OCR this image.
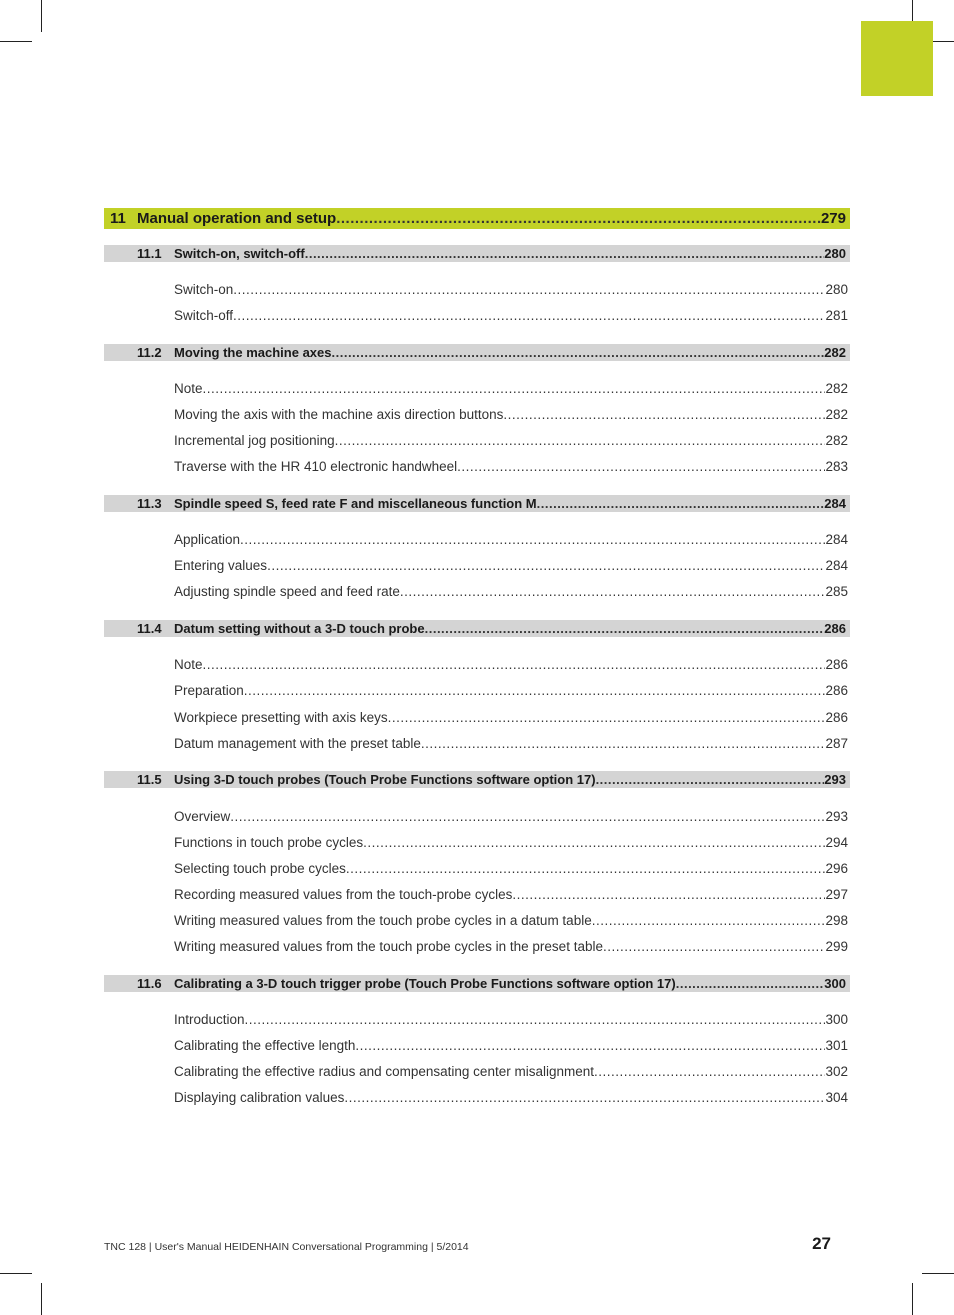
11 Manual operation and setup .....	279
11.1 Switch-on, switch-off .....	280
Switch-on .....	280
Switch-off .....	281
11.2 Moving the machine axes .....	282
Note .....	282
Moving the axis with the machine axis direction buttons .....	282
Incremental jog positioning .....	282
Traverse with the HR 410 electronic handwheel .....	283
11.3 Spindle speed S, feed rate F and miscellaneous function M .....	284
Application .....	284
Entering values .....	284
Adjusting spindle speed and feed rate .....	285
11.4 Datum setting without a 3-D touch probe .....	286
Note .....	286
Preparation .....	286
Workpiece presetting with axis keys .....	286
Datum management with the preset table .....	287
11.5 Using 3-D touch probes (Touch Probe Functions software option 17) .....	293
Overview .....	293
Functions in touch probe cycles .....	294
Selecting touch probe cycles .....	296
Recording measured values from the touch-probe cycles .....	297
Writing measured values from the touch probe cycles in a datum table .....	298
Writing measured values from the touch probe cycles in the preset table .....	299
11.6 Calibrating a 3-D touch trigger probe (Touch Probe Functions software option 17) .....	300
Introduction .....	300
Calibrating the effective length .....	301
Calibrating the effective radius and compensating center misalignment .....	302
Displaying calibration values .....	304
TNC 128 | User's Manual HEIDENHAIN Conversational Programming | 5/2014	27
